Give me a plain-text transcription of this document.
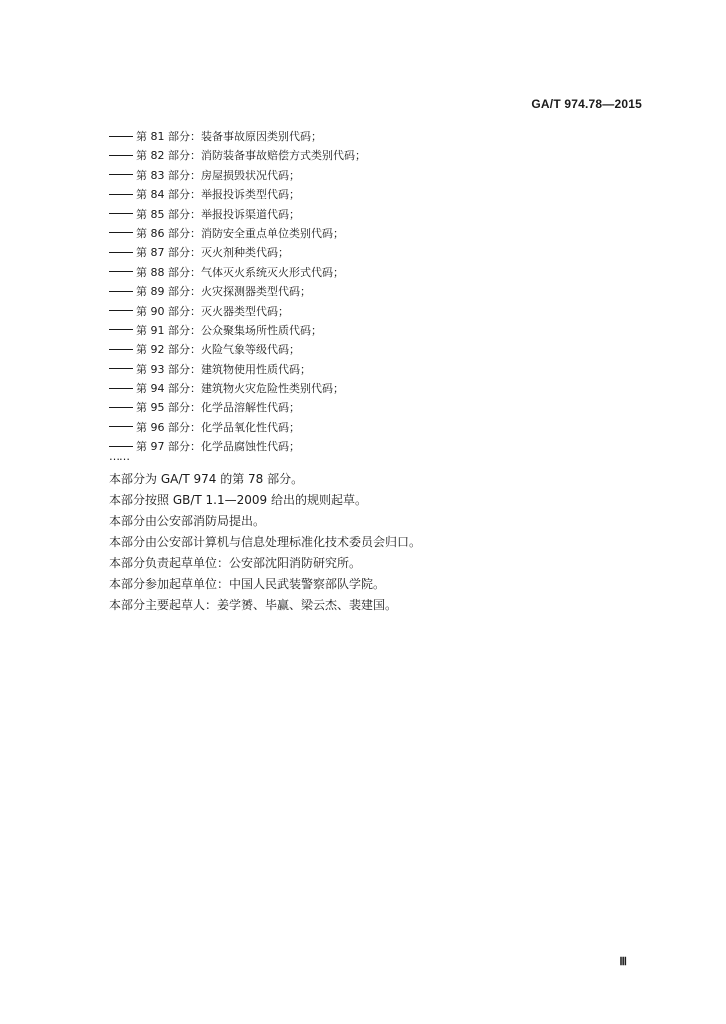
GA/T 974.78—2015
第 81 部分：装备事故原因类别代码；
第 82 部分：消防装备事故赔偿方式类别代码；
第 83 部分：房屋损毁状况代码；
第 84 部分：举报投诉类型代码；
第 85 部分：举报投诉渠道代码；
第 86 部分：消防安全重点单位类别代码；
第 87 部分：灭火剂种类代码；
第 88 部分：气体灭火系统灭火形式代码；
第 89 部分：火灾探测器类型代码；
第 90 部分：灭火器类型代码；
第 91 部分：公众聚集场所性质代码；
第 92 部分：火险气象等级代码；
第 93 部分：建筑物使用性质代码；
第 94 部分：建筑物火灾危险性类别代码；
第 95 部分：化学品溶解性代码；
第 96 部分：化学品氧化性代码；
第 97 部分：化学品腐蚀性代码；
……
本部分为 GA/T 974 的第 78 部分。
本部分按照 GB/T 1.1—2009 给出的规则起草。
本部分由公安部消防局提出。
本部分由公安部计算机与信息处理标准化技术委员会归口。
本部分负责起草单位：公安部沈阳消防研究所。
本部分参加起草单位：中国人民武装警察部队学院。
本部分主要起草人：姜学赟、毕赢、梁云杰、裴建国。
Ⅲ
